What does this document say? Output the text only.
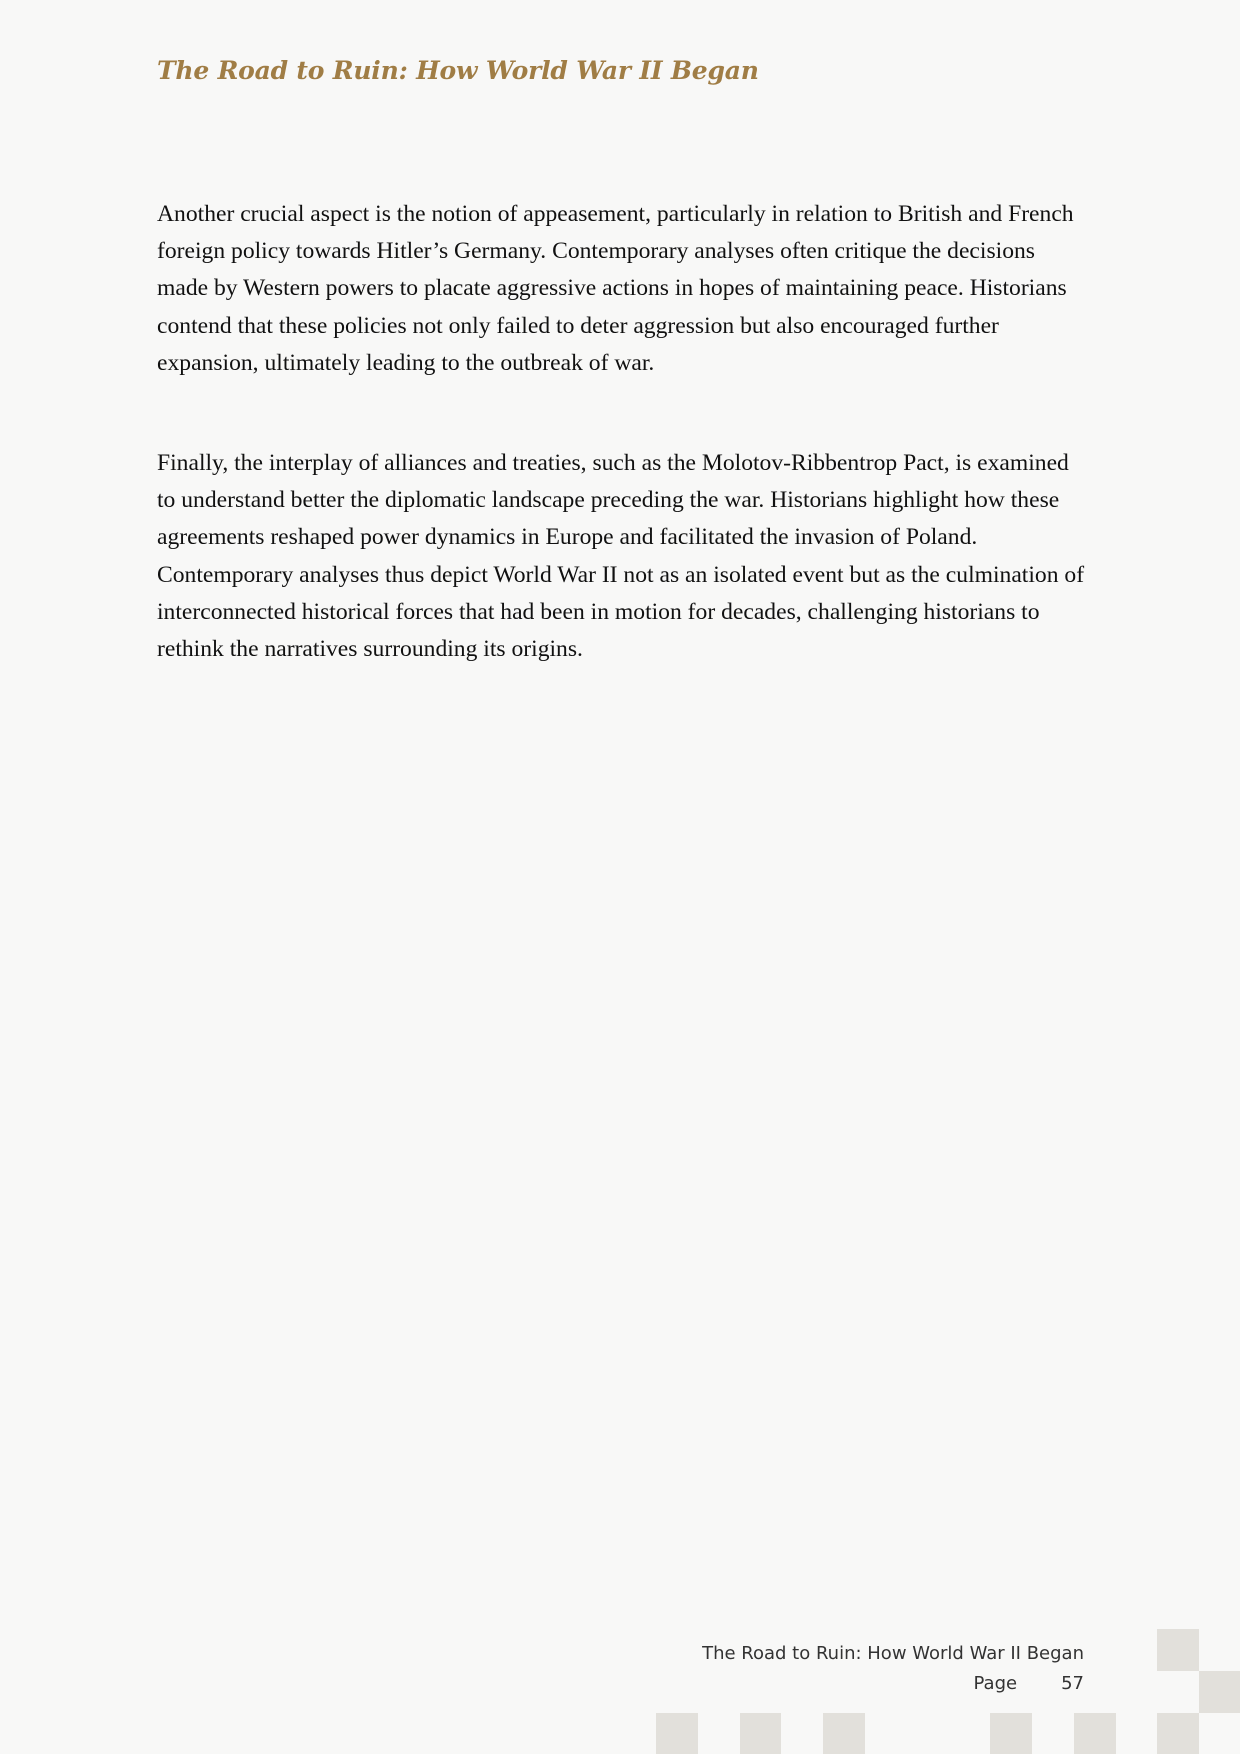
The Road to Ruin: How World War II Began

Another crucial aspect is the notion of appeasement, particularly in relation to British and French foreign policy towards Hitler’s Germany. Contemporary analyses often critique the decisions made by Western powers to placate aggressive actions in hopes of maintaining peace. Historians contend that these policies not only failed to deter aggression but also encouraged further expansion, ultimately leading to the outbreak of war.

Finally, the interplay of alliances and treaties, such as the Molotov-Ribbentrop Pact, is examined to understand better the diplomatic landscape preceding the war. Historians highlight how these agreements reshaped power dynamics in Europe and facilitated the invasion of Poland. Contemporary analyses thus depict World War II not as an isolated event but as the culmination of interconnected historical forces that had been in motion for decades, challenging historians to rethink the narratives surrounding its origins.

The Road to Ruin: How World War II Began
Page 57
